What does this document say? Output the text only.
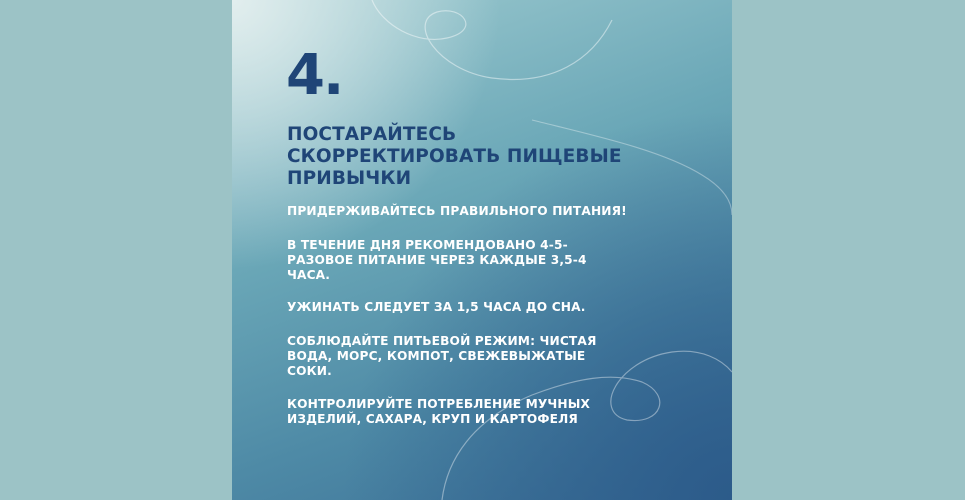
4.
ПОСТАРАЙТЕСЬ
СКОРРЕКТИРОВАТЬ ПИЩЕВЫЕ
ПРИВЫЧКИ

ПРИДЕРЖИВАЙТЕСЬ ПРАВИЛЬНОГО ПИТАНИЯ!

В ТЕЧЕНИЕ ДНЯ РЕКОМЕНДОВАНО 4-5-
РАЗОВОЕ ПИТАНИЕ ЧЕРЕЗ КАЖДЫЕ 3,5-4
ЧАСА.

УЖИНАТЬ СЛЕДУЕТ ЗА 1,5 ЧАСА ДО СНА.

СОБЛЮДАЙТЕ ПИТЬЕВОЙ РЕЖИМ: ЧИСТАЯ
ВОДА, МОРС, КОМПОТ, СВЕЖЕВЫЖАТЫЕ
СОКИ.

КОНТРОЛИРУЙТЕ ПОТРЕБЛЕНИЕ МУЧНЫХ
ИЗДЕЛИЙ, САХАРА, КРУП И КАРТОФЕЛЯ
